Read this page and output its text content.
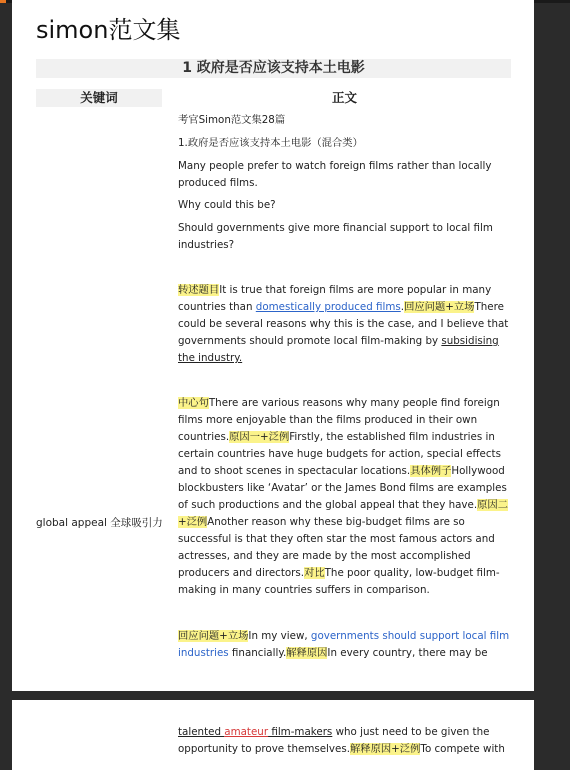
simon范文集
1 政府是否应该支持本土电影
关键词	正文
global appeal 全球吸引力

考官Simon范文集28篇

1.政府是否应该支持本土电影（混合类）

Many people prefer to watch foreign films rather than locally produced films.

Why could this be?

Should governments give more financial support to local film industries?

转述题目It is true that foreign films are more popular in many countries than domestically produced films.回应问题+立场There could be several reasons why this is the case, and I believe that governments should promote local film-making by subsidising the industry.

中心句There are various reasons why many people find foreign films more enjoyable than the films produced in their own countries.原因一+泛例Firstly, the established film industries in certain countries have huge budgets for action, special effects and to shoot scenes in spectacular locations.具体例子Hollywood blockbusters like ‘Avatar’ or the James Bond films are examples of such productions and the global appeal that they have.原因二+泛例Another reason why these big-budget films are so successful is that they often star the most famous actors and actresses, and they are made by the most accomplished producers and directors.对比The poor quality, low-budget film-making in many countries suffers in comparison.

回应问题+立场In my view, governments should support local film industries financially.解释原因In every country, there may be

talented amateur film-makers who just need to be given the

opportunity to prove themselves.解释原因+泛例To compete with
